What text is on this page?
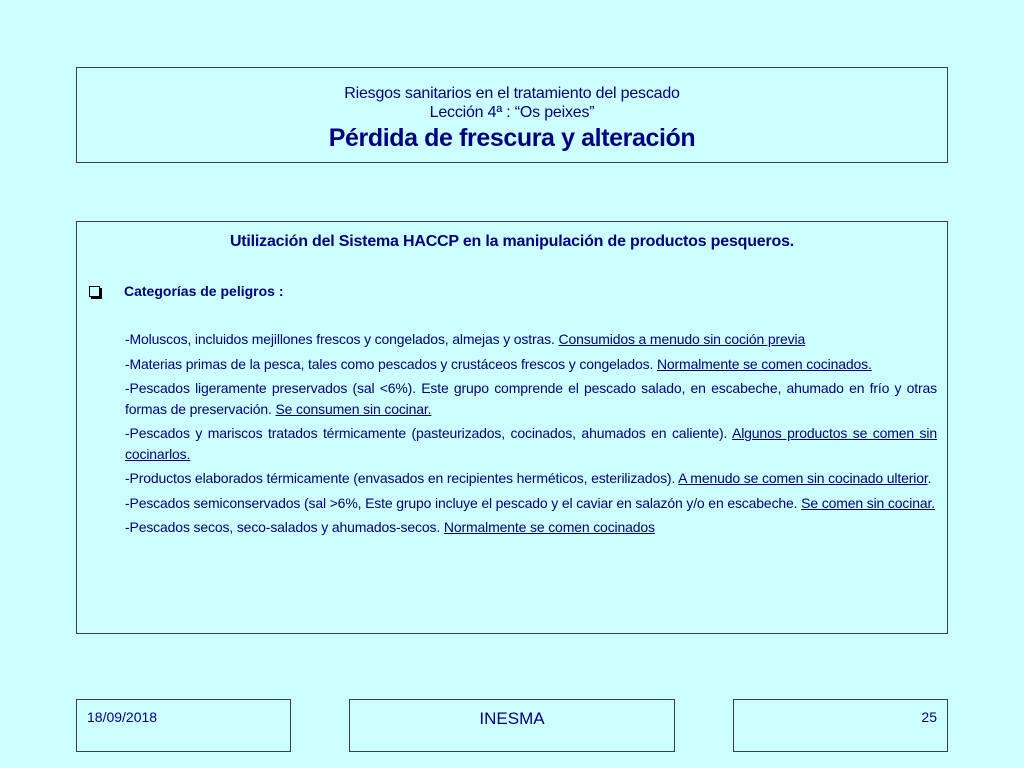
Riesgos sanitarios en el tratamiento del pescado
Lección 4ª : “Os peixes”
Pérdida de frescura y alteración
Utilización del Sistema HACCP en la manipulación de productos pesqueros.
Categorías de peligros :
-Moluscos, incluidos mejillones frescos y congelados, almejas y ostras. Consumidos a menudo sin coción previa
-Materias primas de la pesca, tales como pescados y crustáceos frescos y congelados. Normalmente se comen cocinados.
-Pescados ligeramente preservados (sal <6%). Este grupo comprende el pescado salado, en escabeche, ahumado en frío y otras formas de preservación. Se consumen sin cocinar.
-Pescados y mariscos tratados térmicamente (pasteurizados, cocinados, ahumados en caliente). Algunos productos se comen sin cocinarlos.
-Productos elaborados térmicamente (envasados en recipientes herméticos, esterilizados). A menudo se comen sin cocinado ulterior.
-Pescados semiconservados (sal >6%, Este grupo incluye el pescado y el caviar en salazón y/o en escabeche. Se comen sin cocinar.
-Pescados secos, seco-salados y ahumados-secos. Normalmente se comen cocinados
18/09/2018	INESMA	25
